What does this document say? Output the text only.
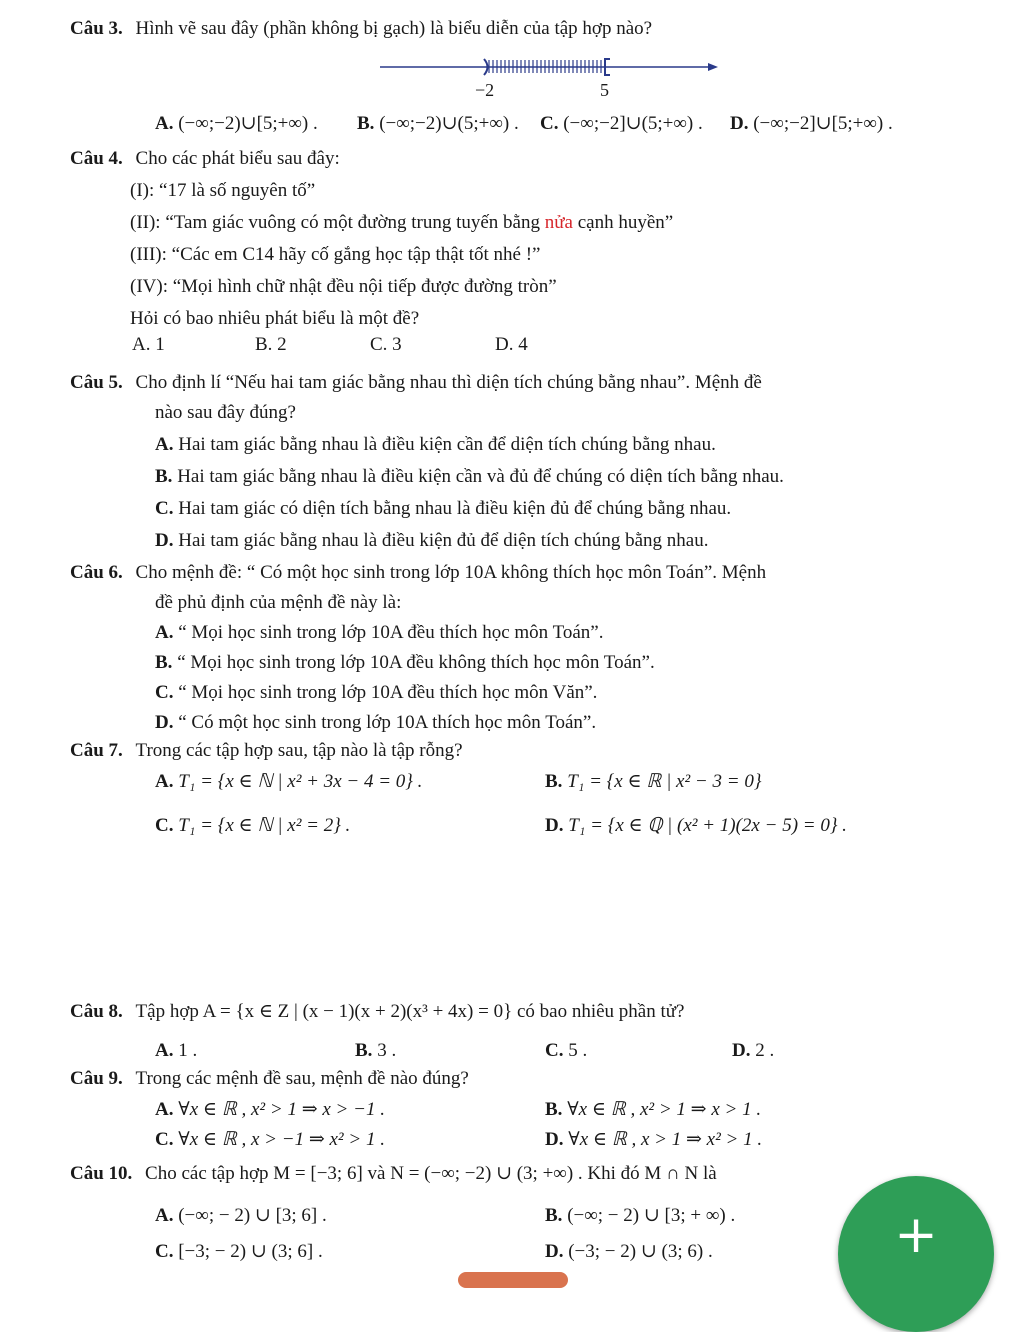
Câu 3. Hình vẽ sau đây (phần không bị gạch) là biểu diễn của tập hợp nào?
−2	5
A. (−∞;−2)∪[5;+∞) . B. (−∞;−2)∪(5;+∞) . C. (−∞;−2]∪(5;+∞) . D. (−∞;−2]∪[5;+∞) .
Câu 4. Cho các phát biểu sau đây:
(I): “17 là số nguyên tố”
(II): “Tam giác vuông có một đường trung tuyến bằng nửa cạnh huyền”
(III): “Các em C14 hãy cố gắng học tập thật tốt nhé !”
(IV): “Mọi hình chữ nhật đều nội tiếp được đường tròn”
Hỏi có bao nhiêu phát biểu là một đề?
A. 1	B. 2	C. 3	D. 4
Câu 5. Cho định lí “Nếu hai tam giác bằng nhau thì diện tích chúng bằng nhau”. Mệnh đề
nào sau đây đúng?
A. Hai tam giác bằng nhau là điều kiện cần để diện tích chúng bằng nhau.
B. Hai tam giác bằng nhau là điều kiện cần và đủ để chúng có diện tích bằng nhau.
C. Hai tam giác có diện tích bằng nhau là điều kiện đủ để chúng bằng nhau.
D. Hai tam giác bằng nhau là điều kiện đủ để diện tích chúng bằng nhau.
Câu 6. Cho mệnh đề: “ Có một học sinh trong lớp 10A không thích học môn Toán”. Mệnh
đề phủ định của mệnh đề này là:
A. “ Mọi học sinh trong lớp 10A đều thích học môn Toán”.
B. “ Mọi học sinh trong lớp 10A đều không thích học môn Toán”.
C. “ Mọi học sinh trong lớp 10A đều thích học môn Văn”.
D. “ Có một học sinh trong lớp 10A thích học môn Toán”.
Câu 7. Trong các tập hợp sau, tập nào là tập rỗng?
A. T₁ = {x ∈ ℕ | x² + 3x − 4 = 0} .	B. T₁ = {x ∈ ℝ | x² − 3 = 0}
C. T₁ = {x ∈ ℕ | x² = 2} .	D. T₁ = {x ∈ ℚ | (x² + 1)(2x − 5) = 0} .
Câu 8. Tập hợp A = {x ∈ Z | (x − 1)(x + 2)(x³ + 4x) = 0} có bao nhiêu phần tử?
A. 1 .	B. 3 .	C. 5 .	D. 2 .
Câu 9. Trong các mệnh đề sau, mệnh đề nào đúng?
A. ∀x ∈ ℝ , x² > 1 ⇒ x > −1 .	B. ∀x ∈ ℝ , x² > 1 ⇒ x > 1 .
C. ∀x ∈ ℝ , x > −1 ⇒ x² > 1 .	D. ∀x ∈ ℝ , x > 1 ⇒ x² > 1 .
Câu 10. Cho các tập hợp M = [−3; 6] và N = (−∞; −2) ∪ (3; +∞) . Khi đó M ∩ N là
A. (−∞; − 2) ∪ [3; 6] .	B. (−∞; − 2) ∪ [3; + ∞) .
C. [−3; − 2) ∪ (3; 6] .	D. (−3; − 2) ∪ (3; 6) .	+
